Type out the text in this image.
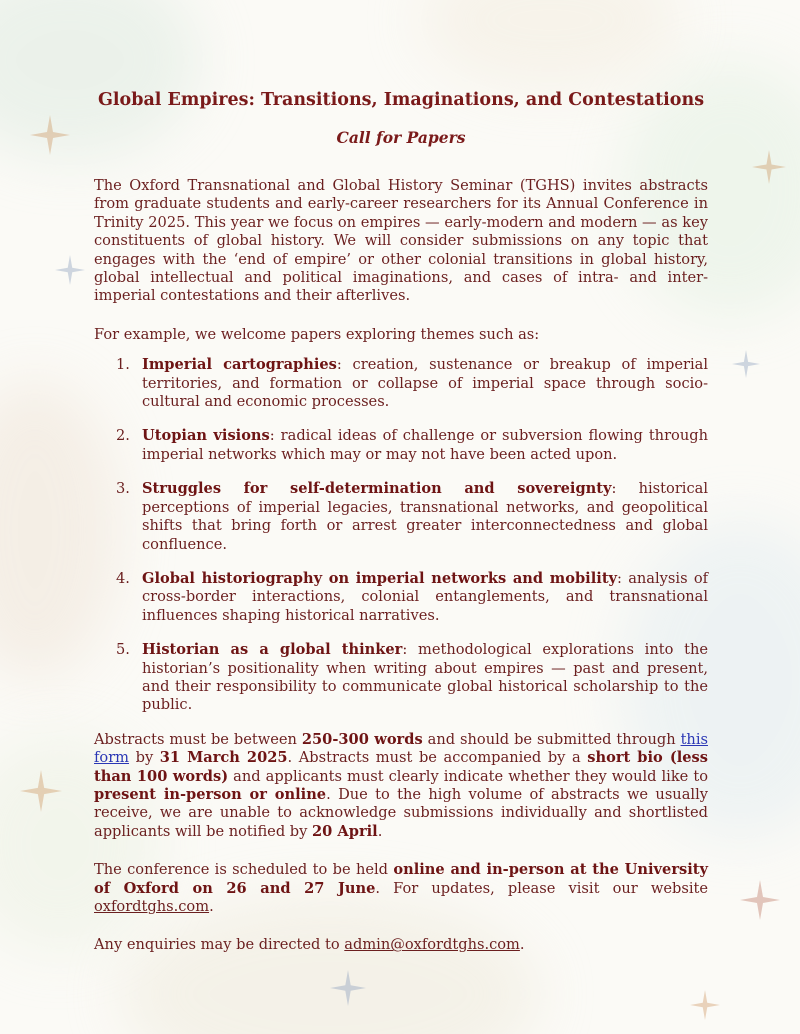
Global Empires: Transitions, Imaginations, and Contestations
Call for Papers

The Oxford Transnational and Global History Seminar (TGHS) invites abstracts from graduate students and early-career researchers for its Annual Conference in Trinity 2025. This year we focus on empires — early-modern and modern — as key constituents of global history. We will consider submissions on any topic that engages with the ‘end of empire’ or other colonial transitions in global history, global intellectual and political imaginations, and cases of intra- and inter-imperial contestations and their afterlives.

For example, we welcome papers exploring themes such as:

1. Imperial cartographies: creation, sustenance or breakup of imperial territories, and formation or collapse of imperial space through socio-cultural and economic processes.

2. Utopian visions: radical ideas of challenge or subversion flowing through imperial networks which may or may not have been acted upon.

3. Struggles for self-determination and sovereignty: historical perceptions of imperial legacies, transnational networks, and geopolitical shifts that bring forth or arrest greater interconnectedness and global confluence.

4. Global historiography on imperial networks and mobility: analysis of cross-border interactions, colonial entanglements, and transnational influences shaping historical narratives.

5. Historian as a global thinker: methodological explorations into the historian’s positionality when writing about empires — past and present, and their responsibility to communicate global historical scholarship to the public.

Abstracts must be between 250-300 words and should be submitted through this form by 31 March 2025. Abstracts must be accompanied by a short bio (less than 100 words) and applicants must clearly indicate whether they would like to present in-person or online. Due to the high volume of abstracts we usually receive, we are unable to acknowledge submissions individually and shortlisted applicants will be notified by 20 April.

The conference is scheduled to be held online and in-person at the University of Oxford on 26 and 27 June. For updates, please visit our website oxfordtghs.com.

Any enquiries may be directed to admin@oxfordtghs.com.
